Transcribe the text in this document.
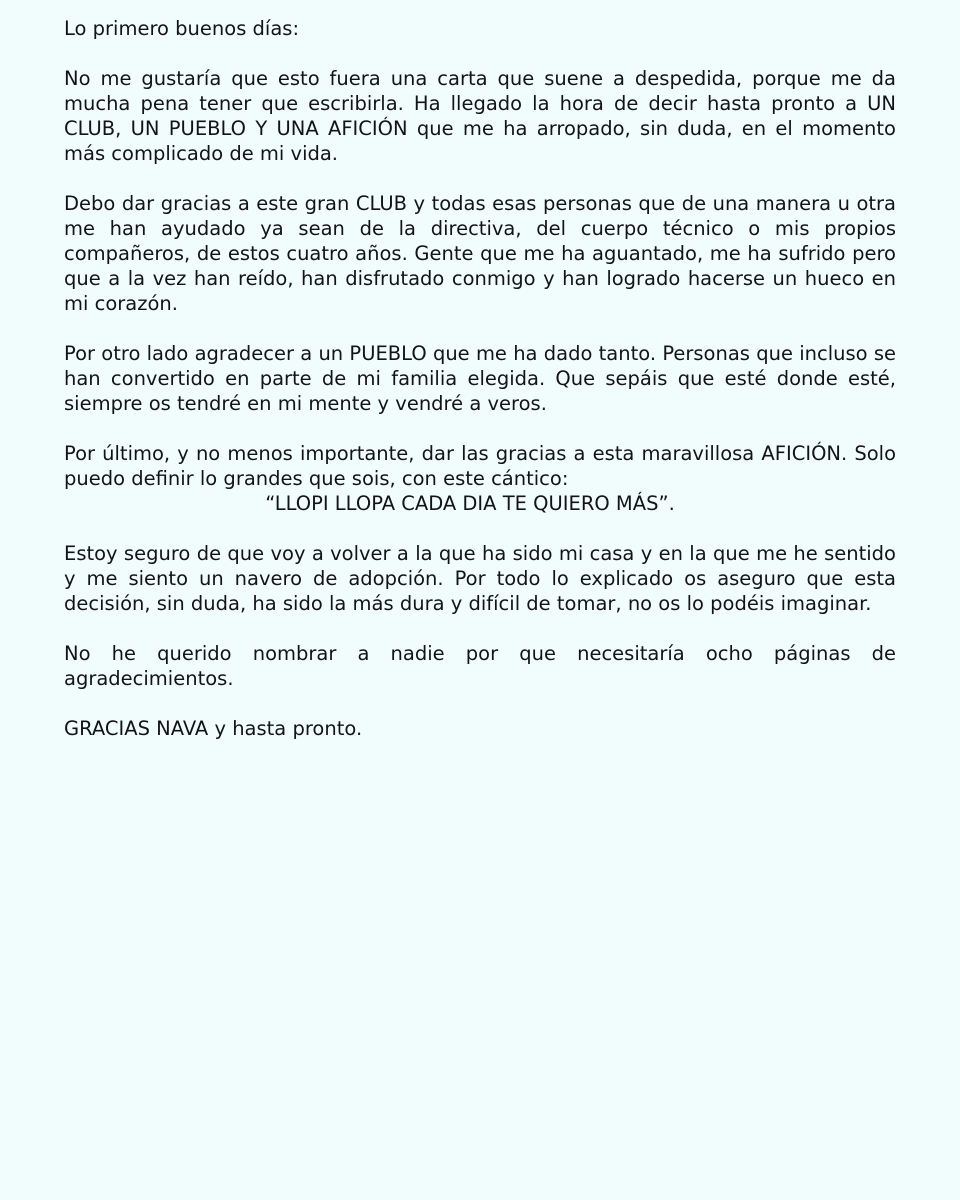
Lo primero buenos días:

No me gustaría que esto fuera una carta que suene a despedida, porque me da mucha pena tener que escribirla. Ha llegado la hora de decir hasta pronto a UN CLUB, UN PUEBLO Y UNA AFICIÓN que me ha arropado, sin duda, en el momento más complicado de mi vida.

Debo dar gracias a este gran CLUB y todas esas personas que de una manera u otra me han ayudado ya sean de la directiva, del cuerpo técnico o mis propios compañeros, de estos cuatro años. Gente que me ha aguantado, me ha sufrido pero que a la vez han reído, han disfrutado conmigo y han logrado hacerse un hueco en mi corazón.

Por otro lado agradecer a un PUEBLO que me ha dado tanto. Personas que incluso se han convertido en parte de mi familia elegida. Que sepáis que esté donde esté, siempre os tendré en mi mente y vendré a veros.

Por último, y no menos importante, dar las gracias a esta maravillosa AFICIÓN. Solo puedo definir lo grandes que sois, con este cántico:
“LLOPI LLOPA CADA DIA TE QUIERO MÁS”.

Estoy seguro de que voy a volver a la que ha sido mi casa y en la que me he sentido y me siento un navero de adopción. Por todo lo explicado os aseguro que esta decisión, sin duda, ha sido la más dura y difícil de tomar, no os lo podéis imaginar.

No he querido nombrar a nadie por que necesitaría ocho páginas de agradecimientos.

GRACIAS NAVA y hasta pronto.
